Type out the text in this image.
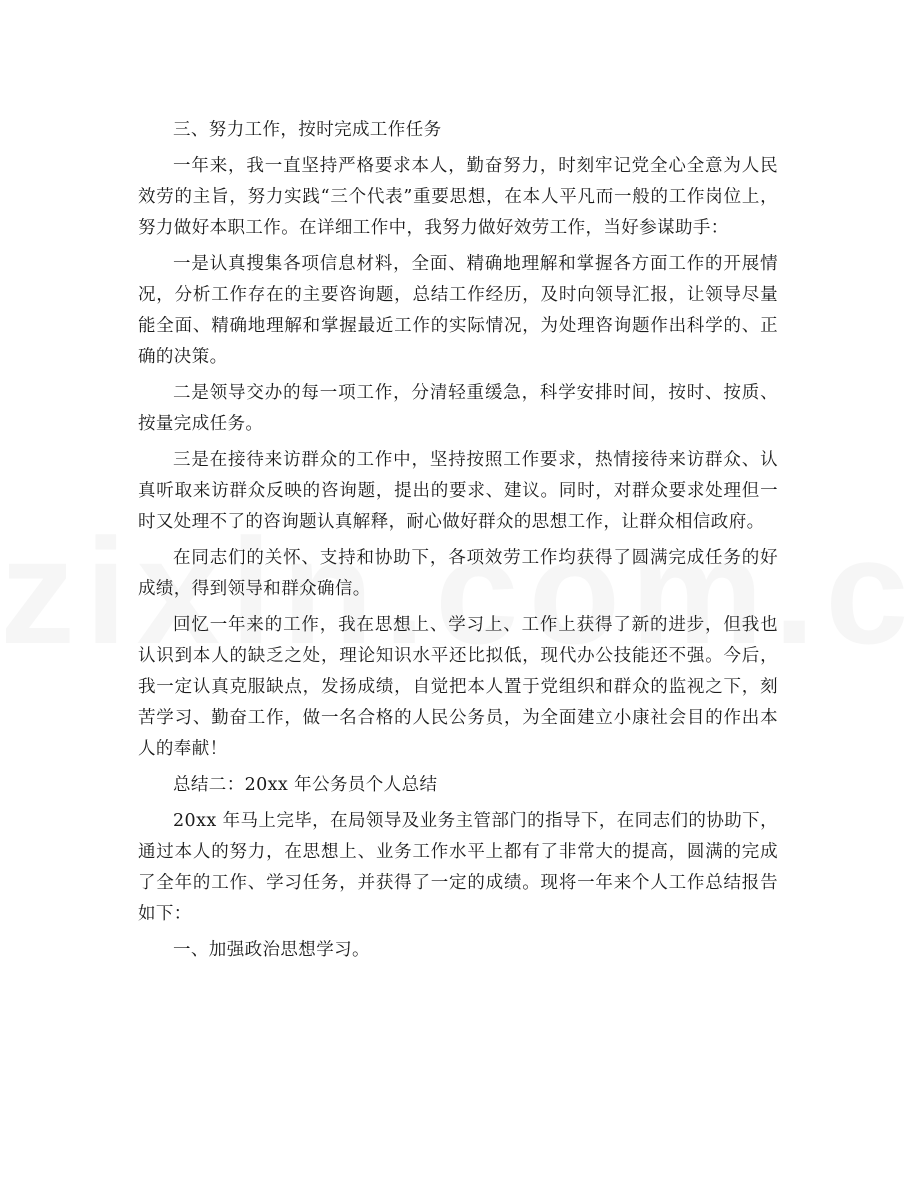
三、努力工作，按时完成工作任务

一年来，我一直坚持严格要求本人，勤奋努力，时刻牢记党全心全意为人民效劳的主旨，努力实践“三个代表”重要思想，在本人平凡而一般的工作岗位上，努力做好本职工作。在详细工作中，我努力做好效劳工作，当好参谋助手：

一是认真搜集各项信息材料，全面、精确地理解和掌握各方面工作的开展情况，分析工作存在的主要咨询题，总结工作经历，及时向领导汇报，让领导尽量能全面、精确地理解和掌握最近工作的实际情况，为处理咨询题作出科学的、正确的决策。

二是领导交办的每一项工作，分清轻重缓急，科学安排时间，按时、按质、按量完成任务。

三是在接待来访群众的工作中，坚持按照工作要求，热情接待来访群众、认真听取来访群众反映的咨询题，提出的要求、建议。同时，对群众要求处理但一时又处理不了的咨询题认真解释，耐心做好群众的思想工作，让群众相信政府。

在同志们的关怀、支持和协助下，各项效劳工作均获得了圆满完成任务的好成绩，得到领导和群众确信。

回忆一年来的工作，我在思想上、学习上、工作上获得了新的进步，但我也认识到本人的缺乏之处，理论知识水平还比拟低，现代办公技能还不强。今后，我一定认真克服缺点，发扬成绩，自觉把本人置于党组织和群众的监视之下，刻苦学习、勤奋工作，做一名合格的人民公务员，为全面建立小康社会目的作出本人的奉献！

总结二：20xx 年公务员个人总结

20xx 年马上完毕，在局领导及业务主管部门的指导下，在同志们的协助下，通过本人的努力，在思想上、业务工作水平上都有了非常大的提高，圆满的完成了全年的工作、学习任务，并获得了一定的成绩。现将一年来个人工作总结报告如下：

一、加强政治思想学习。
